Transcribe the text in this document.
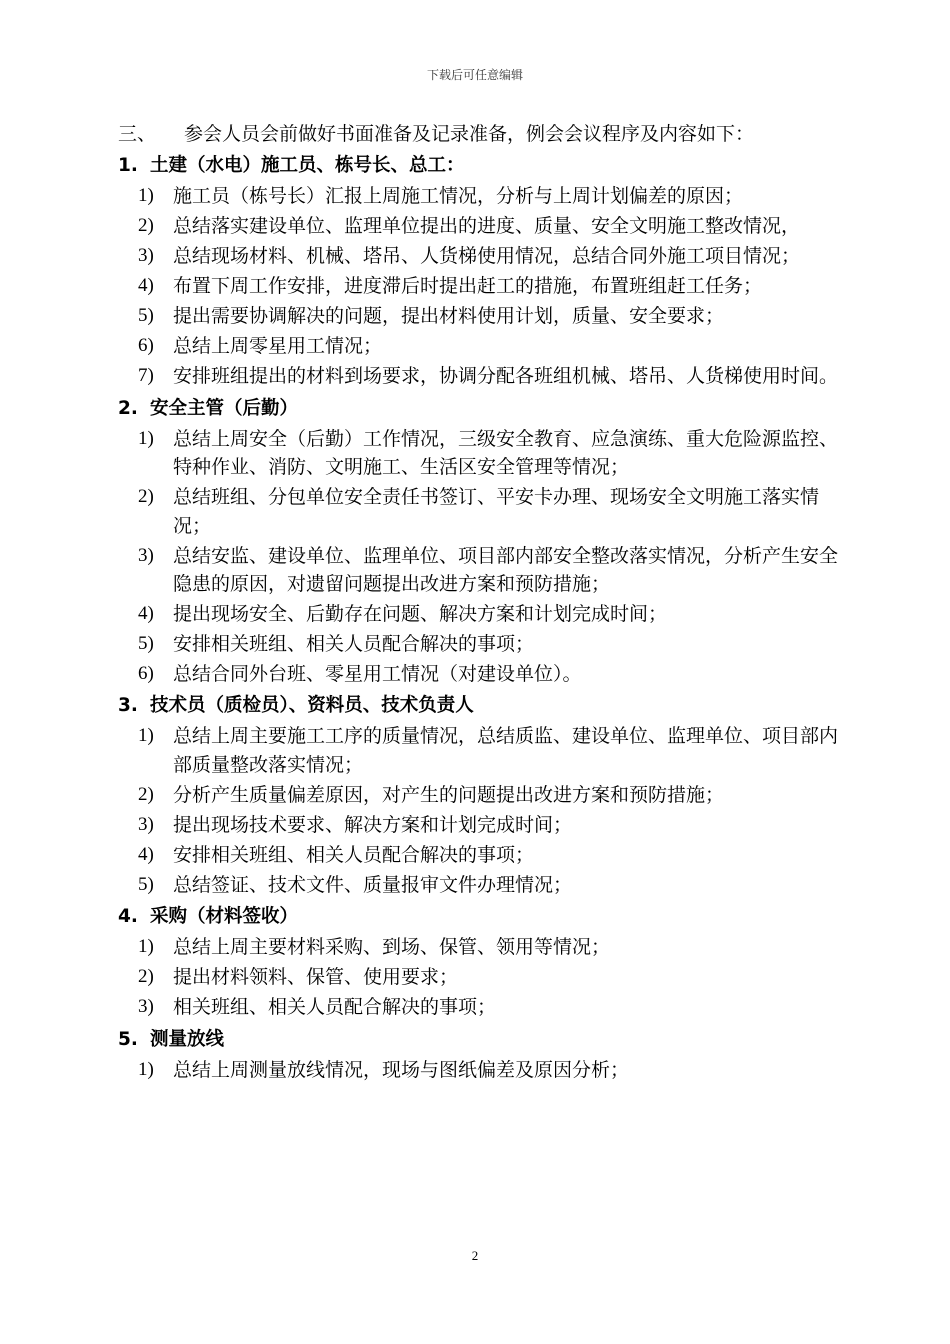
下载后可任意编辑
三、 参会人员会前做好书面准备及记录准备，例会会议程序及内容如下：
1. 土建（水电）施工员、栋号长、总工：
1) 施工员（栋号长）汇报上周施工情况，分析与上周计划偏差的原因；
2) 总结落实建设单位、监理单位提出的进度、质量、安全文明施工整改情况，
3) 总结现场材料、机械、塔吊、人货梯使用情况，总结合同外施工项目情况；
4) 布置下周工作安排，进度滞后时提出赶工的措施，布置班组赶工任务；
5) 提出需要协调解决的问题，提出材料使用计划，质量、安全要求；
6) 总结上周零星用工情况；
7) 安排班组提出的材料到场要求，协调分配各班组机械、塔吊、人货梯使用时间。
2. 安全主管（后勤）
1) 总结上周安全（后勤）工作情况，三级安全教育、应急演练、重大危险源监控、特种作业、消防、文明施工、生活区安全管理等情况；
2) 总结班组、分包单位安全责任书签订、平安卡办理、现场安全文明施工落实情况；
3) 总结安监、建设单位、监理单位、项目部内部安全整改落实情况，分析产生安全隐患的原因，对遗留问题提出改进方案和预防措施；
4) 提出现场安全、后勤存在问题、解决方案和计划完成时间；
5) 安排相关班组、相关人员配合解决的事项；
6) 总结合同外台班、零星用工情况（对建设单位）。
3. 技术员（质检员）、资料员、技术负责人
1) 总结上周主要施工工序的质量情况，总结质监、建设单位、监理单位、项目部内部质量整改落实情况；
2) 分析产生质量偏差原因，对产生的问题提出改进方案和预防措施；
3) 提出现场技术要求、解决方案和计划完成时间；
4) 安排相关班组、相关人员配合解决的事项；
5) 总结签证、技术文件、质量报审文件办理情况；
4. 采购（材料签收）
1) 总结上周主要材料采购、到场、保管、领用等情况；
2) 提出材料领料、保管、使用要求；
3) 相关班组、相关人员配合解决的事项；
5. 测量放线
1) 总结上周测量放线情况，现场与图纸偏差及原因分析；
2
